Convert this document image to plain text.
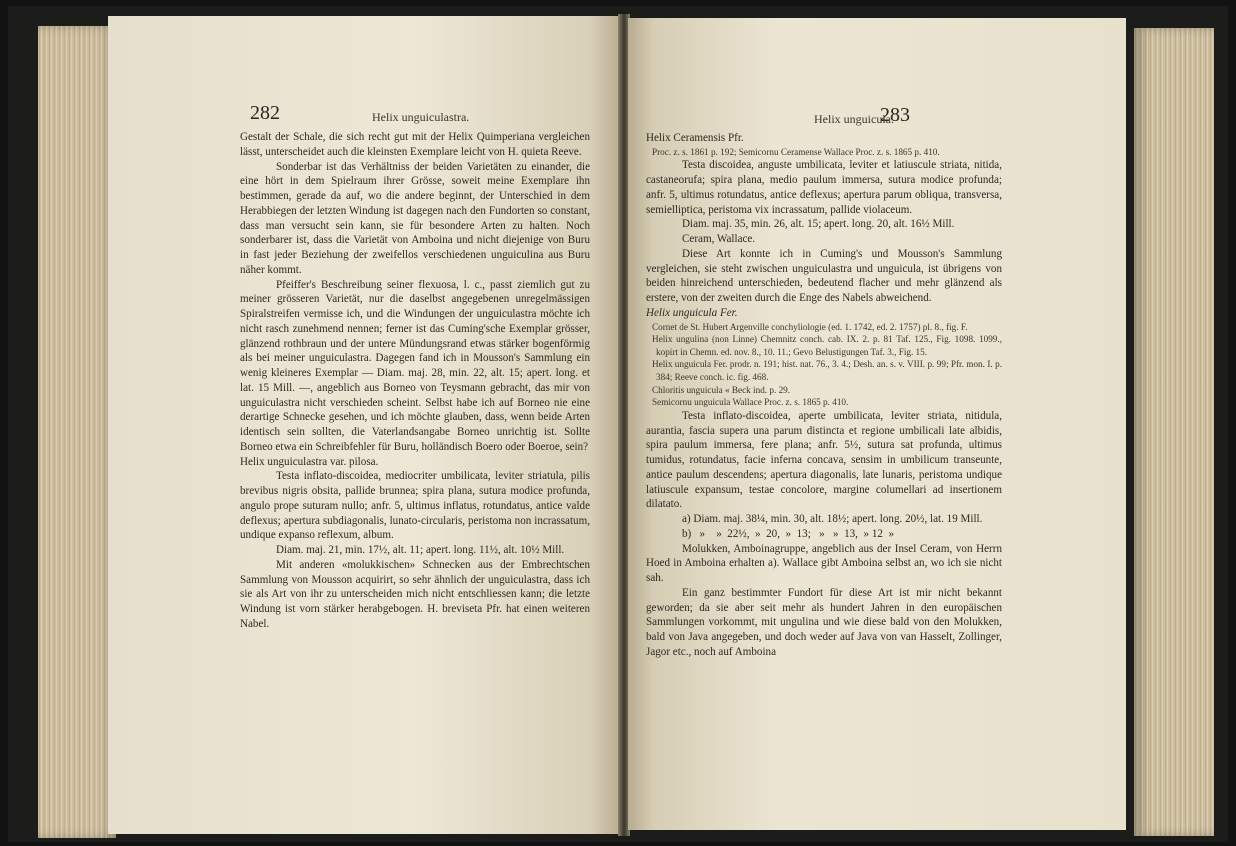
282	Helix unguiculastra.

Gestalt der Schale, die sich recht gut mit der Helix Quimperiana vergleichen lässt, unterscheidet auch die kleinsten Exemplare leicht von H. quieta Reeve.

Sonderbar ist das Verhältniss der beiden Varietäten zu einander, die eine hört in dem Spielraum ihrer Grösse, soweit meine Exemplare ihn bestimmen, gerade da auf, wo die andere beginnt, der Unterschied in dem Herabbiegen der letzten Windung ist dagegen nach den Fundorten so constant, dass man versucht sein kann, sie für besondere Arten zu halten. Noch sonderbarer ist, dass die Varietät von Amboina und nicht diejenige von Buru in fast jeder Beziehung der zweifellos verschiedenen unguiculina aus Buru näher kommt.

Pfeiffer's Beschreibung seiner flexuosa, l. c., passt ziemlich gut zu meiner grösseren Varietät, nur die daselbst angegebenen unregelmässigen Spiralstreifen vermisse ich, und die Windungen der unguiculastra möchte ich nicht rasch zunehmend nennen; ferner ist das Cuming'sche Exemplar grösser, glänzend rothbraun und der untere Mündungsrand etwas stärker bogenförmig als bei meiner unguiculastra. Dagegen fand ich in Mousson's Sammlung ein wenig kleineres Exemplar — Diam. maj. 28, min. 22, alt. 15; apert. long. et lat. 15 Mill. —, angeblich aus Borneo von Teysmann gebracht, das mir von unguiculastra nicht verschieden scheint. Selbst habe ich auf Borneo nie eine derartige Schnecke gesehen, und ich möchte glauben, dass, wenn beide Arten identisch sein sollten, die Vaterlandsangabe Borneo unrichtig ist. Sollte Borneo etwa ein Schreibfehler für Buru, holländisch Boero oder Boeroe, sein?

Helix unguiculastra var. pilosa.

Testa inflato-discoidea, mediocriter umbilicata, leviter striatula, pilis brevibus nigris obsita, pallide brunnea; spira plana, sutura modice profunda, angulo prope suturam nullo; anfr. 5, ultimus inflatus, rotundatus, antice valde deflexus; apertura subdiagonalis, lunato-circularis, peristoma non incrassatum, undique expanso reflexum, album.

Diam. maj. 21, min. 17½, alt. 11; apert. long. 11½, alt. 10½ Mill.

Mit anderen «molukkischen» Schnecken aus der Embrechtschen Sammlung von Mousson acquirirt, so sehr ähnlich der unguiculastra, dass ich sie als Art von ihr zu unterscheiden mich nicht entschliessen kann; die letzte Windung ist vorn stärker herabgebogen. H. breviseta Pfr. hat einen weiteren Nabel.

283
Helix unguicula.

Helix Ceramensis Pfr.

Proc. z. s. 1861 p. 192; Semicornu Ceramense Wallace Proc. z. s. 1865 p. 410.

Testa discoidea, anguste umbilicata, leviter et latiuscule striata, nitida, castaneorufa; spira plana, medio paulum immersa, sutura modice profunda; anfr. 5, ultimus rotundatus, antice deflexus; apertura parum obliqua, transversa, semielliptica, peristoma vix incrassatum, pallide violaceum.

Diam. maj. 35, min. 26, alt. 15; apert. long. 20, alt. 16½ Mill.

Ceram, Wallace.

Diese Art konnte ich in Cuming's und Mousson's Sammlung vergleichen, sie steht zwischen unguiculastra und unguicula, ist übrigens von beiden hinreichend unterschieden, bedeutend flacher und mehr glänzend als erstere, von der zweiten durch die Enge des Nabels abweichend.

Helix unguicula Fer.

Cornet de St. Hubert Argenville conchyliologie (ed. 1. 1742, ed. 2. 1757) pl. 8., fig. F.

Helix ungulina (non Linne) Chemnitz conch. cab. IX. 2. p. 81 Taf. 125., Fig. 1098. 1099., kopirt in Chemn. ed. nov. 8., 10. 11.; Gevo Belustigungen Taf. 3., Fig. 15.

Helix unguicula Fer. prodr. n. 191; hist. nat. 76., 3. 4.; Desh. an. s. v. VIII. p. 99; Pfr. mon. I. p. 384; Reeve conch. ic. fig. 468.

Chloritis unguicula « Beck ind. p. 29.

Semicornu unguicula Wallace Proc. z. s. 1865 p. 410.

Testa inflato-discoidea, aperte umbilicata, leviter striata, nitidula, aurantia, fascia supera una parum distincta et regione umbilicali late albidis, spira paulum immersa, fere plana; anfr. 5½, sutura sat profunda, ultimus tumidus, rotundatus, facie inferna concava, sensim in umbilicum transeunte, antice paulum descendens; apertura diagonalis, late lunaris, peristoma undique latiuscule expansum, testae concolore, margine columellari ad insertionem dilatato.

a) Diam. maj. 38¼, min. 30, alt. 18½; apert. long. 20½, lat. 19 Mill.

b)   »    »  22½,  »  20,  »  13;   »   »  13,  » 12  »

Molukken, Amboinagruppe, angeblich aus der Insel Ceram, von Herrn Hoed in Amboina erhalten a). Wallace gibt Amboina selbst an, wo ich sie nicht sah.

Ein ganz bestimmter Fundort für diese Art ist mir nicht bekannt geworden; da sie aber seit mehr als hundert Jahren in den europäischen Sammlungen vorkommt, mit ungulina und wie diese bald von den Molukken, bald von Java angegeben, und doch weder auf Java von van Hasselt, Zollinger, Jagor etc., noch auf Amboina
